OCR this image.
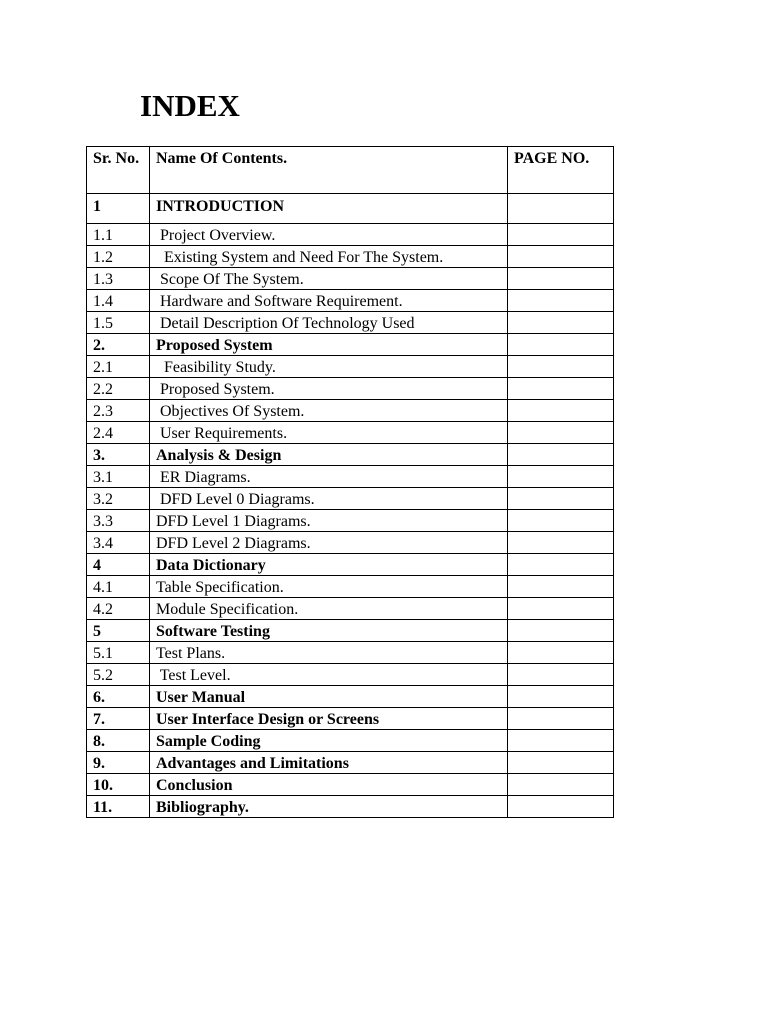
INDEX
Sr. No.	Name Of Contents.	PAGE NO.
1	INTRODUCTION	
1.1	Project Overview.	
1.2	Existing System and Need For The System.	
1.3	Scope Of The System.	
1.4	Hardware and Software Requirement.	
1.5	Detail Description Of Technology Used	
2.	Proposed System	
2.1	Feasibility Study.	
2.2	Proposed System.	
2.3	Objectives Of System.	
2.4	User Requirements.	
3.	Analysis & Design	
3.1	ER Diagrams.	
3.2	DFD Level 0 Diagrams.	
3.3	DFD Level 1 Diagrams.	
3.4	DFD Level 2 Diagrams.	
4	Data Dictionary	
4.1	Table Specification.	
4.2	Module Specification.	
5	Software Testing	
5.1	Test Plans.	
5.2	Test Level.	
6.	User Manual	
7.	User Interface Design or Screens	
8.	Sample Coding	
9.	Advantages and Limitations	
10.	Conclusion	
11.	Bibliography.	
